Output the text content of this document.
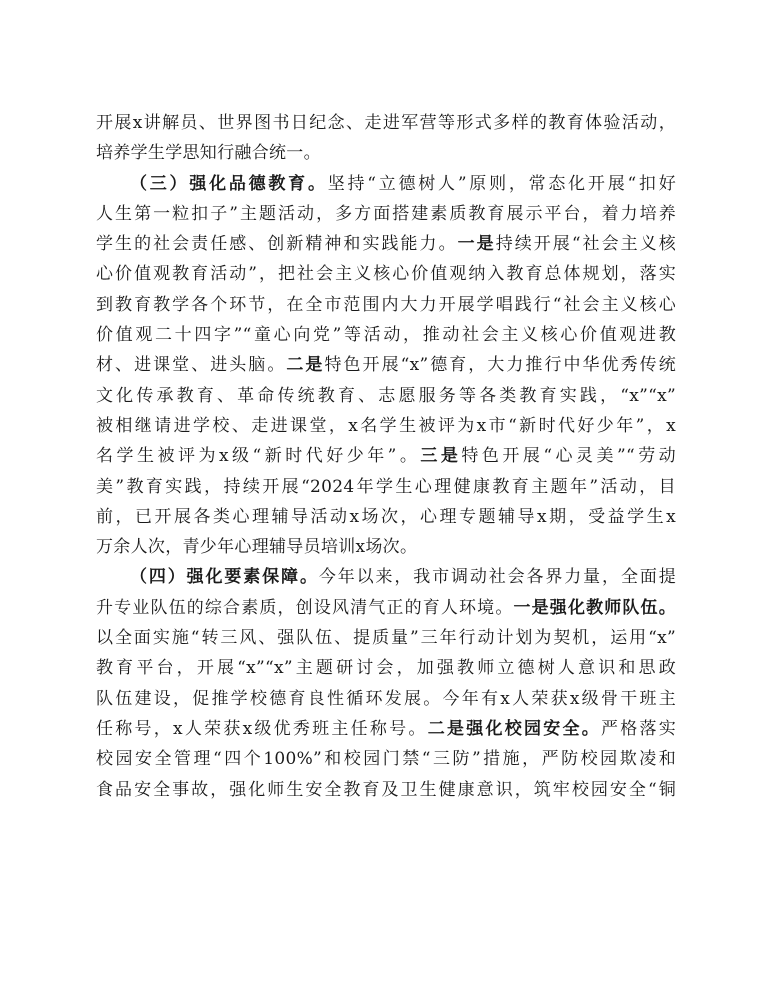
开展x讲解员、世界图书日纪念、走进军营等形式多样的教育体验活动，
培养学生学思知行融合统一。
（三）强化品德教育。坚持“立德树人”原则，常态化开展“扣好
人生第一粒扣子”主题活动，多方面搭建素质教育展示平台，着力培养
学生的社会责任感、创新精神和实践能力。一是持续开展“社会主义核
心价值观教育活动”，把社会主义核心价值观纳入教育总体规划，落实
到教育教学各个环节，在全市范围内大力开展学唱践行“社会主义核心
价值观二十四字”“童心向党”等活动，推动社会主义核心价值观进教
材、进课堂、进头脑。二是特色开展“x”德育，大力推行中华优秀传统
文化传承教育、革命传统教育、志愿服务等各类教育实践，“x”“x”
被相继请进学校、走进课堂，x名学生被评为x市“新时代好少年”，x
名学生被评为x级“新时代好少年”。三是特色开展“心灵美”“劳动
美”教育实践，持续开展“2024年学生心理健康教育主题年”活动，目
前，已开展各类心理辅导活动x场次，心理专题辅导x期，受益学生x
万余人次，青少年心理辅导员培训x场次。
（四）强化要素保障。今年以来，我市调动社会各界力量，全面提
升专业队伍的综合素质，创设风清气正的育人环境。一是强化教师队伍。
以全面实施“转三风、强队伍、提质量”三年行动计划为契机，运用“x”
教育平台，开展“x”“x”主题研讨会，加强教师立德树人意识和思政
队伍建设，促推学校德育良性循环发展。今年有x人荣获x级骨干班主
任称号，x人荣获x级优秀班主任称号。二是强化校园安全。严格落实
校园安全管理“四个100%”和校园门禁“三防”措施，严防校园欺凌和
食品安全事故，强化师生安全教育及卫生健康意识，筑牢校园安全“铜
